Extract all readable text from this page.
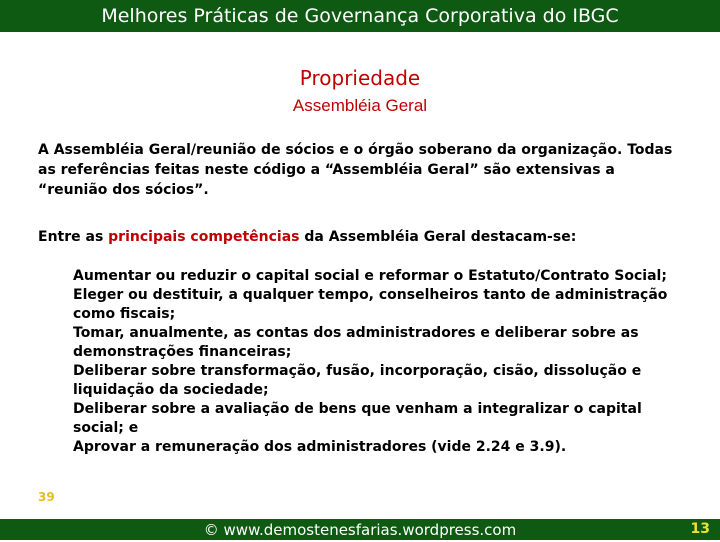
Melhores Práticas de Governança Corporativa do IBGC
Propriedade
Assembléia Geral
A Assembléia Geral/reunião de sócios e o órgão soberano da organização. Todas as referências feitas neste código a “Assembléia Geral” são extensivas a “reunião dos sócios”.
Entre as principais competências da Assembléia Geral destacam-se:
Aumentar ou reduzir o capital social e reformar o Estatuto/Contrato Social;
Eleger ou destituir, a qualquer tempo, conselheiros tanto de administração como fiscais;
Tomar, anualmente, as contas dos administradores e deliberar sobre as demonstrações financeiras;
Deliberar sobre transformação, fusão, incorporação, cisão, dissolução e liquidação da sociedade;
Deliberar sobre a avaliação de bens que venham a integralizar o capital social; e
Aprovar a remuneração dos administradores (vide 2.24 e 3.9).
39
© www.demostenesfarias.wordpress.com	13
